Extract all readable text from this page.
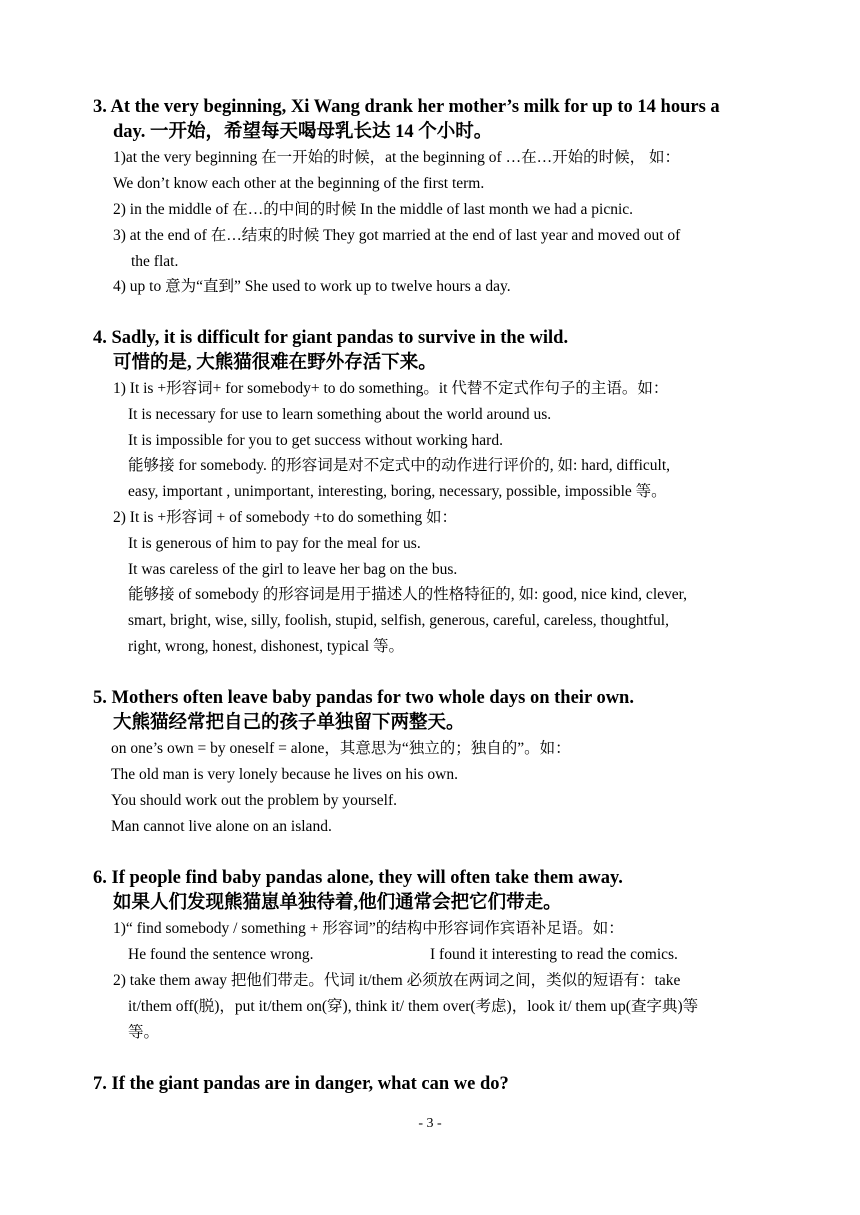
3. At the very beginning, Xi Wang drank her mother’s milk for up to 14 hours a
day. 一开始，希望每天喝母乳长达 14 个小时。
1)at the very beginning 在一开始的时候，at the beginning of …在…开始的时候， 如：
We don’t know each other at the beginning of the first term.
2) in the middle of 在…的中间的时候 In the middle of last month we had a picnic.
3) at the end of 在…结束的时候 They got married at the end of last year and moved out of
the flat.
4) up to 意为“直到” She used to work up to twelve hours a day.
4. Sadly, it is difficult for giant pandas to survive in the wild.
可惜的是, 大熊猫很难在野外存活下来。
1) It is +形容词+ for somebody+ to do something。it 代替不定式作句子的主语。如：
It is necessary for use to learn something about the world around us.
It is impossible for you to get success without working hard.
能够接 for somebody. 的形容词是对不定式中的动作进行评价的, 如: hard, difficult,
easy, important , unimportant, interesting, boring, necessary, possible, impossible 等。
2) It is +形容词 + of somebody +to do something 如：
It is generous of him to pay for the meal for us.
It was careless of the girl to leave her bag on the bus.
能够接 of somebody 的形容词是用于描述人的性格特征的, 如: good, nice kind, clever,
smart, bright, wise, silly, foolish, stupid, selfish, generous, careful, careless, thoughtful,
right, wrong, honest, dishonest, typical 等。
5. Mothers often leave baby pandas for two whole days on their own.
大熊猫经常把自己的孩子单独留下两整天。
on one’s own = by oneself = alone，其意思为“独立的；独自的”。如：
The old man is very lonely because he lives on his own.
You should work out the problem by yourself.
Man cannot live alone on an island.
6. If people find baby pandas alone, they will often take them away.
如果人们发现熊猫崽单独待着,他们通常会把它们带走。
1)“ find somebody / something + 形容词”的结构中形容词作宾语补足语。如：
He found the sentence wrong.	I found it interesting to read the comics.
2) take them away 把他们带走。代词 it/them 必须放在两词之间，类似的短语有：take
it/them off(脱)，put it/them on(穿), think it/ them over(考虑)，look it/ them up(查字典)等
等。
7. If the giant pandas are in danger, what can we do?
- 3 -
